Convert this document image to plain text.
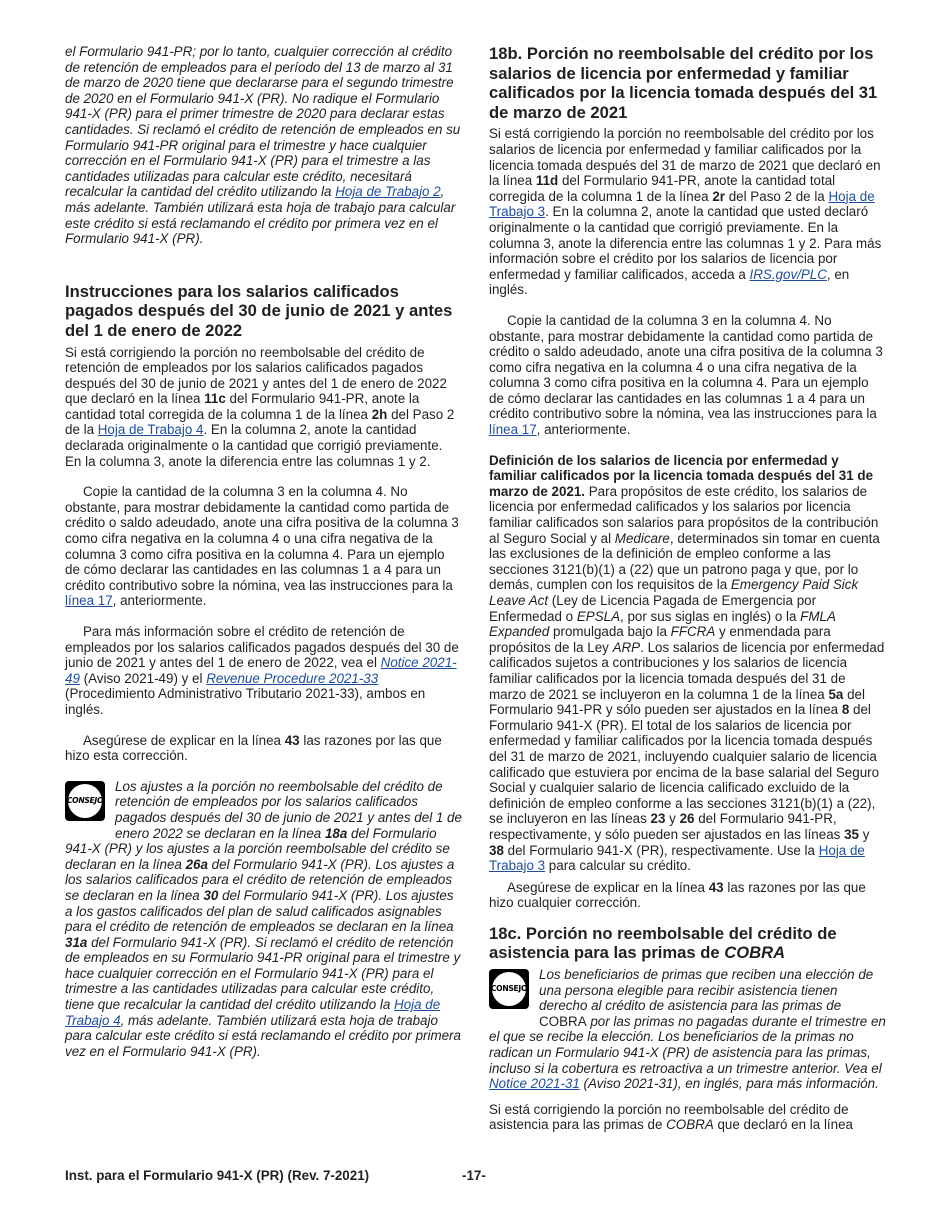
el Formulario 941-PR; por lo tanto, cualquier corrección al crédito de retención de empleados para el período del 13 de marzo al 31 de marzo de 2020 tiene que declararse para el segundo trimestre de 2020 en el Formulario 941-X (PR). No radique el Formulario 941-X (PR) para el primer trimestre de 2020 para declarar estas cantidades. Si reclamó el crédito de retención de empleados en su Formulario 941-PR original para el trimestre y hace cualquier corrección en el Formulario 941-X (PR) para el trimestre a las cantidades utilizadas para calcular este crédito, necesitará recalcular la cantidad del crédito utilizando la Hoja de Trabajo 2, más adelante. También utilizará esta hoja de trabajo para calcular este crédito si está reclamando el crédito por primera vez en el Formulario 941-X (PR).

Instrucciones para los salarios calificados pagados después del 30 de junio de 2021 y antes del 1 de enero de 2022

Si está corrigiendo la porción no reembolsable del crédito de retención de empleados por los salarios calificados pagados después del 30 de junio de 2021 y antes del 1 de enero de 2022 que declaró en la línea 11c del Formulario 941-PR, anote la cantidad total corregida de la columna 1 de la línea 2h del Paso 2 de la Hoja de Trabajo 4. En la columna 2, anote la cantidad declarada originalmente o la cantidad que corrigió previamente. En la columna 3, anote la diferencia entre las columnas 1 y 2.

Copie la cantidad de la columna 3 en la columna 4. No obstante, para mostrar debidamente la cantidad como partida de crédito o saldo adeudado, anote una cifra positiva de la columna 3 como cifra negativa en la columna 4 o una cifra negativa de la columna 3 como cifra positiva en la columna 4. Para un ejemplo de cómo declarar las cantidades en las columnas 1 a 4 para un crédito contributivo sobre la nómina, vea las instrucciones para la línea 17, anteriormente.

Para más información sobre el crédito de retención de empleados por los salarios calificados pagados después del 30 de junio de 2021 y antes del 1 de enero de 2022, vea el Notice 2021-49 (Aviso 2021-49) y el Revenue Procedure 2021-33 (Procedimiento Administrativo Tributario 2021-33), ambos en inglés.

Asegúrese de explicar en la línea 43 las razones por las que hizo esta corrección.

CONSEJO
Los ajustes a la porción no reembolsable del crédito de retención de empleados por los salarios calificados pagados después del 30 de junio de 2021 y antes del 1 de enero 2022 se declaran en la línea 18a del Formulario 941-X (PR) y los ajustes a la porción reembolsable del crédito se declaran en la línea 26a del Formulario 941-X (PR). Los ajustes a los salarios calificados para el crédito de retención de empleados se declaran en la línea 30 del Formulario 941-X (PR). Los ajustes a los gastos calificados del plan de salud calificados asignables para el crédito de retención de empleados se declaran en la línea 31a del Formulario 941-X (PR). Si reclamó el crédito de retención de empleados en su Formulario 941-PR original para el trimestre y hace cualquier corrección en el Formulario 941-X (PR) para el trimestre a las cantidades utilizadas para calcular este crédito, tiene que recalcular la cantidad del crédito utilizando la Hoja de Trabajo 4, más adelante. También utilizará esta hoja de trabajo para calcular este crédito si está reclamando el crédito por primera vez en el Formulario 941-X (PR).
18b. Porción no reembolsable del crédito por los salarios de licencia por enfermedad y familiar calificados por la licencia tomada después del 31 de marzo de 2021

Si está corrigiendo la porción no reembolsable del crédito por los salarios de licencia por enfermedad y familiar calificados por la licencia tomada después del 31 de marzo de 2021 que declaró en la línea 11d del Formulario 941-PR, anote la cantidad total corregida de la columna 1 de la línea 2r del Paso 2 de la Hoja de Trabajo 3. En la columna 2, anote la cantidad que usted declaró originalmente o la cantidad que corrigió previamente. En la columna 3, anote la diferencia entre las columnas 1 y 2. Para más información sobre el crédito por los salarios de licencia por enfermedad y familiar calificados, acceda a IRS.gov/PLC, en inglés.

Copie la cantidad de la columna 3 en la columna 4. No obstante, para mostrar debidamente la cantidad como partida de crédito o saldo adeudado, anote una cifra positiva de la columna 3 como cifra negativa en la columna 4 o una cifra negativa de la columna 3 como cifra positiva en la columna 4. Para un ejemplo de cómo declarar las cantidades en las columnas 1 a 4 para un crédito contributivo sobre la nómina, vea las instrucciones para la línea 17, anteriormente.

Definición de los salarios de licencia por enfermedad y familiar calificados por la licencia tomada después del 31 de marzo de 2021. Para propósitos de este crédito, los salarios de licencia por enfermedad calificados y los salarios por licencia familiar calificados son salarios para propósitos de la contribución al Seguro Social y al Medicare, determinados sin tomar en cuenta las exclusiones de la definición de empleo conforme a las secciones 3121(b)(1) a (22) que un patrono paga y que, por lo demás, cumplen con los requisitos de la Emergency Paid Sick Leave Act (Ley de Licencia Pagada de Emergencia por Enfermedad o EPSLA, por sus siglas en inglés) o la FMLA Expanded promulgada bajo la FFCRA y enmendada para propósitos de la Ley ARP. Los salarios de licencia por enfermedad calificados sujetos a contribuciones y los salarios de licencia familiar calificados por la licencia tomada después del 31 de marzo de 2021 se incluyeron en la columna 1 de la línea 5a del Formulario 941-PR y sólo pueden ser ajustados en la línea 8 del Formulario 941-X (PR). El total de los salarios de licencia por enfermedad y familiar calificados por la licencia tomada después del 31 de marzo de 2021, incluyendo cualquier salario de licencia calificado que estuviera por encima de la base salarial del Seguro Social y cualquier salario de licencia calificado excluido de la definición de empleo conforme a las secciones 3121(b)(1) a (22), se incluyeron en las líneas 23 y 26 del Formulario 941-PR, respectivamente, y sólo pueden ser ajustados en las líneas 35 y 38 del Formulario 941-X (PR), respectivamente. Use la Hoja de Trabajo 3 para calcular su crédito.

Asegúrese de explicar en la línea 43 las razones por las que hizo cualquier corrección.

18c. Porción no reembolsable del crédito de asistencia para las primas de COBRA
CONSEJO
Los beneficiarios de primas que reciben una elección de una persona elegible para recibir asistencia tienen derecho al crédito de asistencia para las primas de COBRA por las primas no pagadas durante el trimestre en el que se recibe la elección. Los beneficiarios de la primas no radican un Formulario 941-X (PR) de asistencia para las primas, incluso si la cobertura es retroactiva a un trimestre anterior. Vea el Notice 2021-31 (Aviso 2021-31), en inglés, para más información.

Si está corrigiendo la porción no reembolsable del crédito de asistencia para las primas de COBRA que declaró en la línea

Inst. para el Formulario 941-X (PR) (Rev. 7-2021)	-17-
